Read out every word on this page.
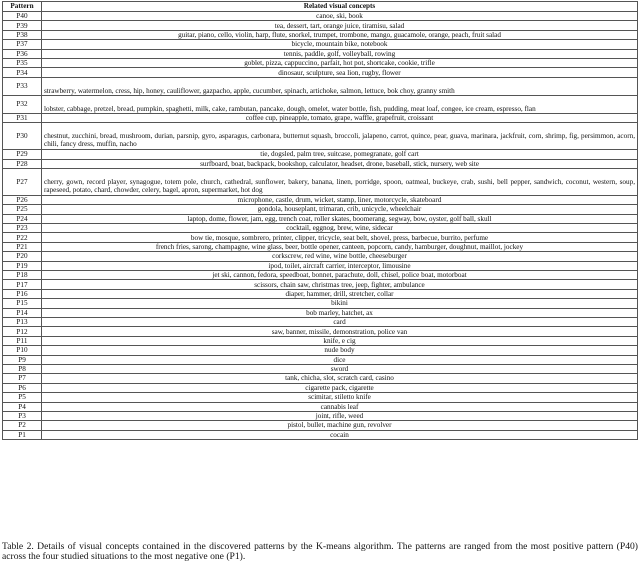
Pattern	Related visual concepts
P40	canoe, ski, book
P39	tea, dessert, tart, orange juice, tiramisu, salad
P38	guitar, piano, cello, violin, harp, flute, snorkel, trumpet, trombone, mango, guacamole, orange, peach, fruit salad
P37	bicycle, mountain bike, notebook
P36	tennis, paddle, golf, volleyball, rowing
P35	goblet, pizza, cappuccino, parfait, hot pot, shortcake, cookie, trifle
P34	dinosaur, sculpture, sea lion, rugby, flower
P33	strawberry, watermelon, cress, hip, honey, cauliflower, gazpacho, apple, cucumber, spinach, artichoke, salmon, lettuce, bok choy, granny smith
P32	lobster, cabbage, pretzel, bread, pumpkin, spaghetti, milk, cake, rambutan, pancake, dough, omelet, water bottle, fish, pudding, meat loaf, congee, ice cream, espresso, flan
P31	coffee cup, pineapple, tomato, grape, waffle, grapefruit, croissant
P30	chestnut, zucchini, bread, mushroom, durian, parsnip, gyro, asparagus, carbonara, butternut squash, broccoli, jalapeno, carrot, quince, pear, guava, marinara, jackfruit, corn, shrimp, fig, persimmon, acorn, chili, fancy dress, muffin, nacho
P29	tie, dogsled, palm tree, suitcase, pomegranate, golf cart
P28	surfboard, boat, backpack, bookshop, calculator, headset, drone, baseball, stick, nursery, web site
P27	cherry, gown, record player, synagogue, totem pole, church, cathedral, sunflower, bakery, banana, linen, porridge, spoon, oatmeal, buckeye, crab, sushi, bell pepper, sandwich, coconut, western, soup, rapeseed, potato, chard, chowder, celery, bagel, apron, supermarket, hot dog
P26	microphone, castle, drum, wicket, stamp, liner, motorcycle, skateboard
P25	gondola, houseplant, trimaran, crib, unicycle, wheelchair
P24	laptop, dome, flower, jam, egg, trench coat, roller skates, boomerang, segway, bow, oyster, golf ball, skull
P23	cocktail, eggnog, brew, wine, sidecar
P22	bow tie, mosque, sombrero, printer, clipper, tricycle, seat belt, shovel, press, barbecue, burrito, perfume
P21	french fries, sarong, champagne, wine glass, beer, bottle opener, canteen, popcorn, candy, hamburger, doughnut, maillot, jockey
P20	corkscrew, red wine, wine bottle, cheeseburger
P19	ipod, toilet, aircraft carrier, interceptor, limousine
P18	jet ski, cannon, fedora, speedboat, bonnet, parachute, doll, chisel, police boat, motorboat
P17	scissors, chain saw, christmas tree, jeep, fighter, ambulance
P16	diaper, hammer, drill, stretcher, collar
P15	bikini
P14	bob marley, hatchet, ax
P13	card
P12	saw, banner, missile, demonstration, police van
P11	knife, e cig
P10	nude body
P9	dice
P8	sword
P7	tank, chicha, slot, scratch card, casino
P6	cigarette pack, cigarette
P5	scimitar, stiletto knife
P4	cannabis leaf
P3	joint, rifle, weed
P2	pistol, bullet, machine gun, revolver
P1	cocain

Table 2. Details of visual concepts contained in the discovered patterns by the K-means algorithm. The patterns are ranged from the most positive pattern (P40) across the four studied situations to the most negative one (P1).
